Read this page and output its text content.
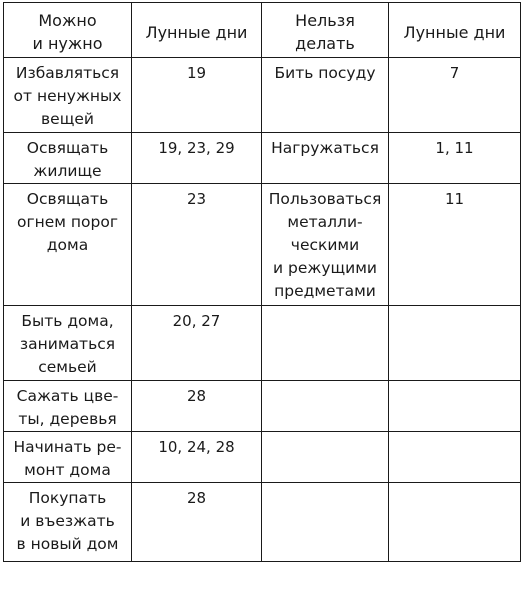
Можно
и нужно	Лунные дни	Нельзя
делать	Лунные дни

Избавляться
от ненужных
вещей	19	Бить посуду	7

Освящать
жилище	19, 23, 29	Нагружаться	1, 11

Освящать
огнем порог
дома	23	Пользоваться
металли-
ческими
и режущими
предметами	11

Быть дома,
заниматься
семьей	20, 27		

Сажать цве-
ты, деревья	28		

Начинать ре-
монт дома	10, 24, 28		

Покупать
и въезжать
в новый дом	28		
